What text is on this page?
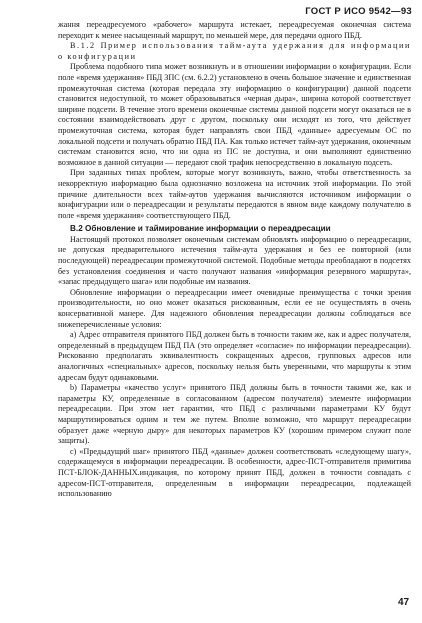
ГОСТ Р ИСО 9542—93

жання переадресуемого «рабочего» маршрута истекает, переадресуемая оконечная система переходит к менее насыщенный маршрут, по меньшей мере, для передачи одного ПБД.

В.1.2 Пример использования тайм-аута удержания для информации о конфигурации

Проблема подобного типа может возникнуть и в отношении информации о конфигурации. Если поле «время удержания» ПБД ЗПС (см. 6.2.2) установлено в очень большое значение и единственная промежуточная система (которая передала эту информацию о конфигурации) данной подсети становится недоступной, то может образовываться «черная дыра», ширина которой соответствует ширине подсети. В течение этого времени оконечные системы данной подсети могут оказаться не в состоянии взаимодействовать друг с другом, поскольку они исходят из того, что действует промежуточная система, которая будет направлять свои ПБД «данные» адресуемым ОС по локальной подсети и получать обратно ПБД ПА. Как только истечет тайм-аут удержания, оконечным системам становится ясно, что ни одна из ПС не доступна, и они выполняют единственно возможное в данной ситуации — передают свой трафик непосредственно в локальную подсеть.

При заданных типах проблем, которые могут возникнуть, важно, чтобы ответственность за некорректную информацию была однозначно возложена на источник этой информации. По этой причине длительности всех тайм-аутов удержания вычисляются источником информации о конфигурации или о переадресации и результаты передаются в явном виде каждому получателю в поле «время удержания» соответствующего ПБД.

В.2 Обновление и таймирование информации о переадресации

Настоящий протокол позволяет оконечным системам обновлять информацию о переадресации, не допуская предварительного истечения тайм-аута удержания и без ее повторной (или последующей) переадресации промежуточной системой. Подобные методы преобладают в подсетях без установления соединения и часто получают названия «информация резервного маршрута», «запас предыдущего шага» или подобные им названия.

Обновление информации о переадресации имеет очевидные преимущества с точки зрения производительности, но оно может оказаться рискованным, если ее не осуществлять в очень консервативной манере. Для надежного обновления переадресации должны соблюдаться все нижеперечисленные условия:

а) Адрес отправителя принятого ПБД должен быть в точности таким же, как и адрес получателя, определенный в предыдущем ПБД ПА (это определяет «согласие» по информации переадресации). Рискованно предполагать эквивалентность сокращенных адресов, групповых адресов или аналогичных «специальных» адресов, поскольку нельзя быть уверенными, что маршруты к этим адресам будут одинаковыми.

b) Параметры «качество услуг» принятого ПБД должны быть в точности такими же, как и параметры КУ, определенные в согласованном (адресом получателя) элементе информации переадресации. При этом нет гарантии, что ПБД с различными параметрами КУ будут маршрутизироваться одним и тем же путем. Вполне возможно, что маршрут переадресации образует даже «черную дыру» для некоторых параметров КУ (хорошим примером служит поле защиты).

с) «Предыдущий шаг» принятого ПБД «данные» должен соответствовать «следующему шагу», содержащемуся в информации переадресации. В особенности, адрес-ПСТ-отправителя примитива ПСТ-БЛОК-ДАННЫХ.индикация, по которому принят ПБД, должен в точности совпадать с адресом-ПСТ-отправителя, определенным в информации переадресации, подлежащей использованию

47
